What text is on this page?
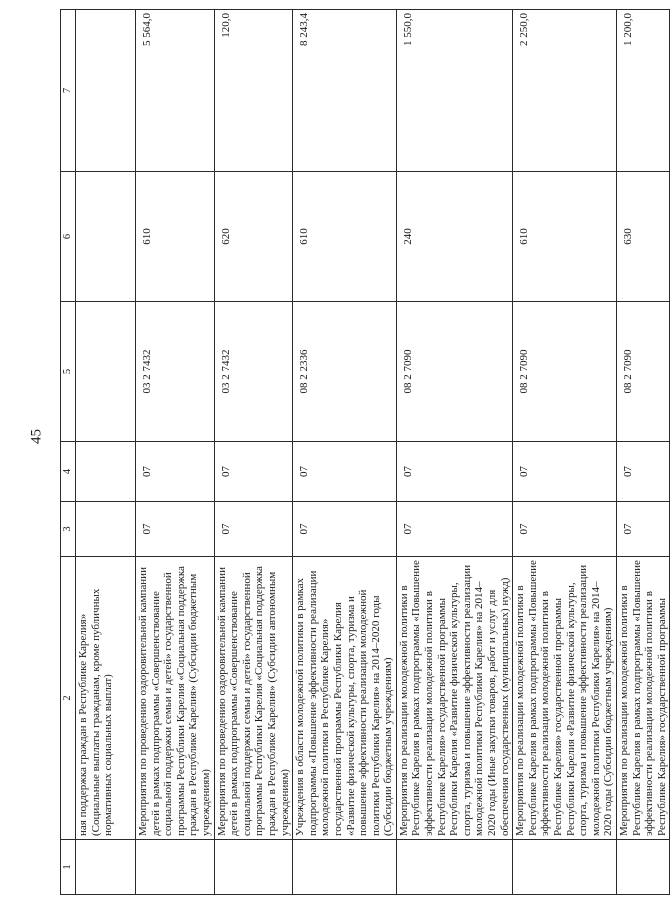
45
1	2	3	4	5	6	7
	ная поддержка граждан в Республике Карелия» (Социальные выплаты гражданам, кроме публичных нормативных социальных выплат)					
	Мероприятия по проведению оздоровительной кампании детей в рамках подпрограммы «Совершенствование социальной поддержки семьи и детей» государственной программы Республики Карелия «Социальная поддержка граждан в Республике Карелия» (Субсидии бюджетным учреждениям)	07	07	03 2 7432	610	5 564,0
	Мероприятия по проведению оздоровительной кампании детей в рамках подпрограммы «Совершенствование социальной поддержки семьи и детей» государственной программы Республики Карелия «Социальная поддержка граждан в Республике Карелия» (Субсидии автономным учреждениям)	07	07	03 2 7432	620	120,0
	Учреждения в области молодежной политики в рамках подпрограммы «Повышение эффективности реализации молодежной политики в Республике Карелия» государственной программы Республики Карелия «Развитие физической культуры, спорта, туризма и повышение эффективности реализации молодежной политики Республики Карелия» на 2014–2020 годы (Субсидии бюджетным учреждениям)	07	07	08 2 2336	610	8 243,4
	Мероприятия по реализации молодежной политики в Республике Карелия в рамках подпрограммы «Повышение эффективности реализации молодежной политики в Республике Карелия» государственной программы Республики Карелия «Развитие физической культуры, спорта, туризма и повышение эффективности реализации молодежной политики Республики Карелия» на 2014–2020 годы (Иные закупки товаров, работ и услуг для обеспечения государственных (муниципальных) нужд)	07	07	08 2 7090	240	1 550,0
	Мероприятия по реализации молодежной политики в Республике Карелия в рамках подпрограммы «Повышение эффективности реализации молодежной политики в Республике Карелия» государственной программы Республики Карелия «Развитие физической культуры, спорта, туризма и повышение эффективности реализации молодежной политики Республики Карелия» на 2014–2020 годы (Субсидии бюджетным учреждениям)	07	07	08 2 7090	610	2 250,0
	Мероприятия по реализации молодежной политики в Республике Карелия в рамках подпрограммы «Повышение эффективности реализации молодежной политики в Республике Карелия» государственной программы	07	07	08 2 7090	630	1 200,0
